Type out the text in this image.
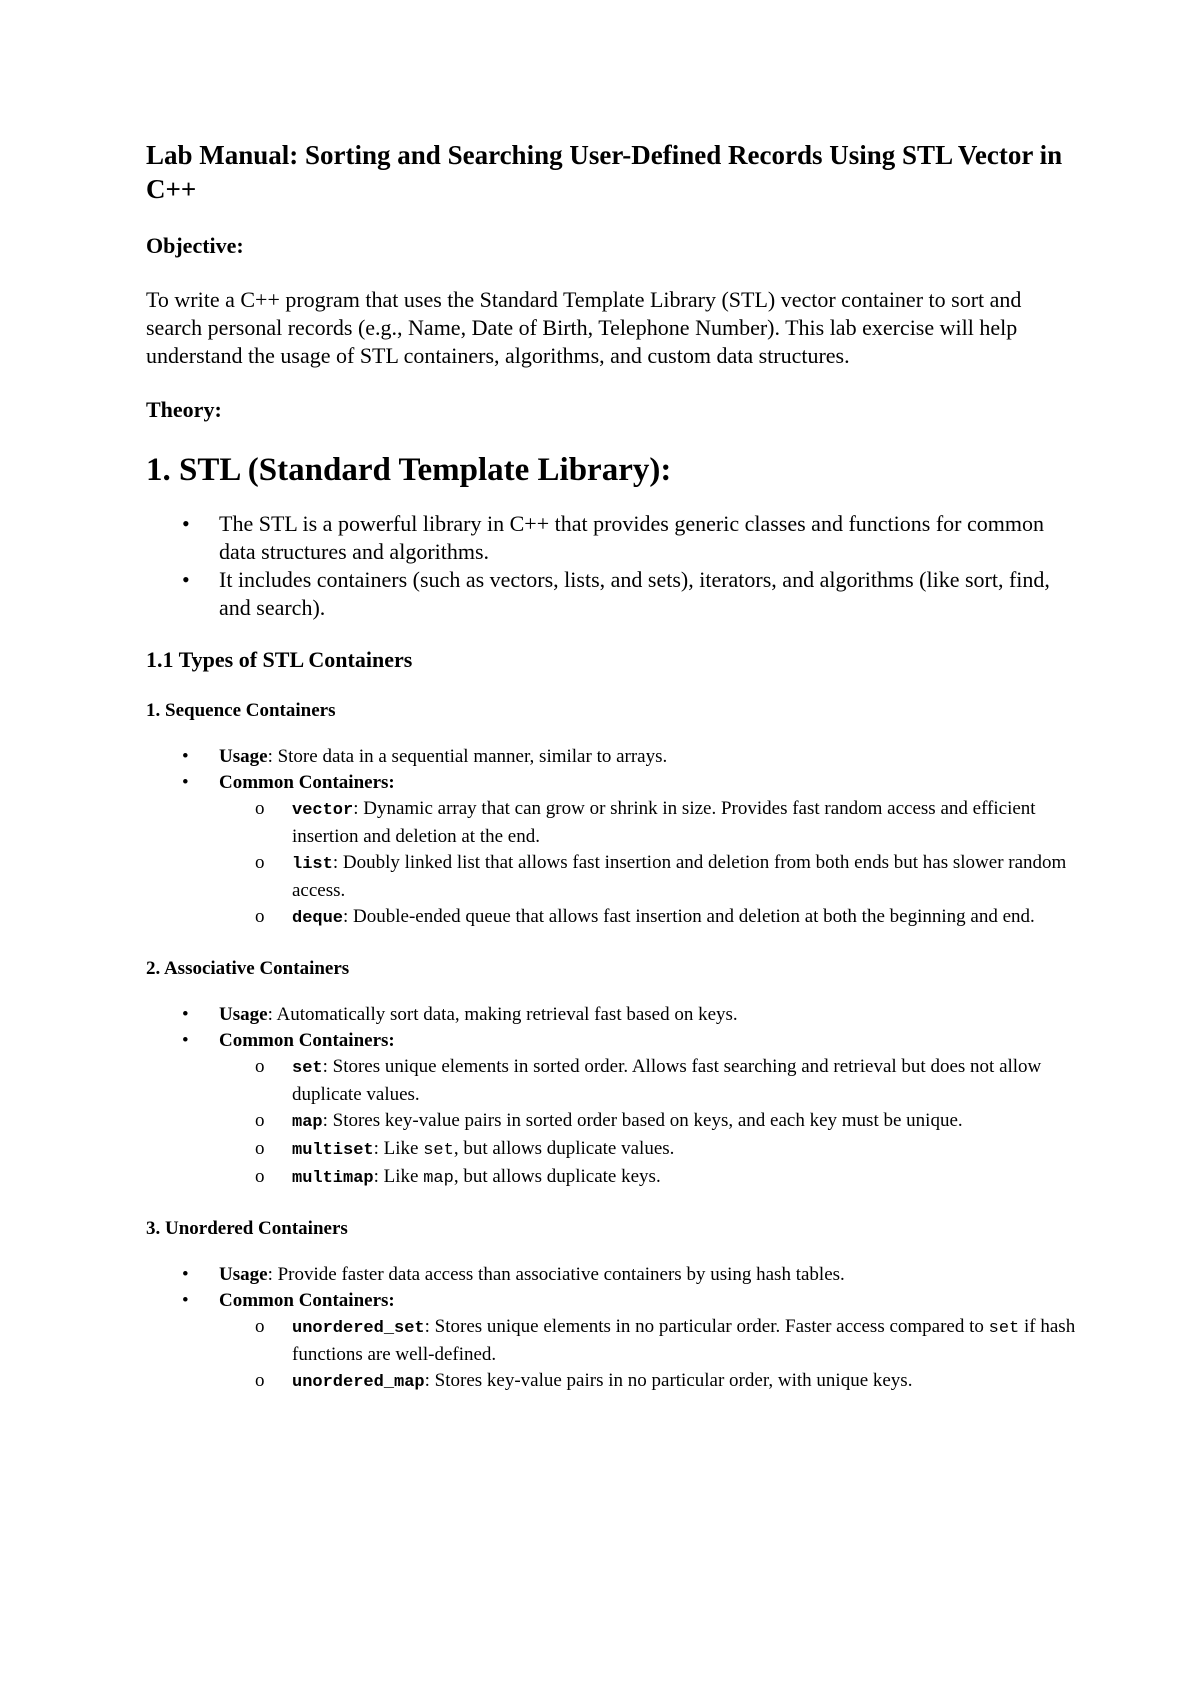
Lab Manual: Sorting and Searching User-Defined Records Using STL Vector in C++
Objective:

To write a C++ program that uses the Standard Template Library (STL) vector container to sort and search personal records (e.g., Name, Date of Birth, Telephone Number). This lab exercise will help understand the usage of STL containers, algorithms, and custom data structures.

Theory:
1. STL (Standard Template Library):
• The STL is a powerful library in C++ that provides generic classes and functions for common data structures and algorithms.
• It includes containers (such as vectors, lists, and sets), iterators, and algorithms (like sort, find, and search).
1.1 Types of STL Containers
1. Sequence Containers
• Usage: Store data in a sequential manner, similar to arrays.
• Common Containers:
o vector: Dynamic array that can grow or shrink in size. Provides fast random access and efficient insertion and deletion at the end.
o list: Doubly linked list that allows fast insertion and deletion from both ends but has slower random access.
o deque: Double-ended queue that allows fast insertion and deletion at both the beginning and end.
2. Associative Containers
• Usage: Automatically sort data, making retrieval fast based on keys.
• Common Containers:
o set: Stores unique elements in sorted order. Allows fast searching and retrieval but does not allow duplicate values.
o map: Stores key-value pairs in sorted order based on keys, and each key must be unique.
o multiset: Like set, but allows duplicate values.
o multimap: Like map, but allows duplicate keys.
3. Unordered Containers
• Usage: Provide faster data access than associative containers by using hash tables.
• Common Containers:
o unordered_set: Stores unique elements in no particular order. Faster access compared to set if hash functions are well-defined.
o unordered_map: Stores key-value pairs in no particular order, with unique keys.
